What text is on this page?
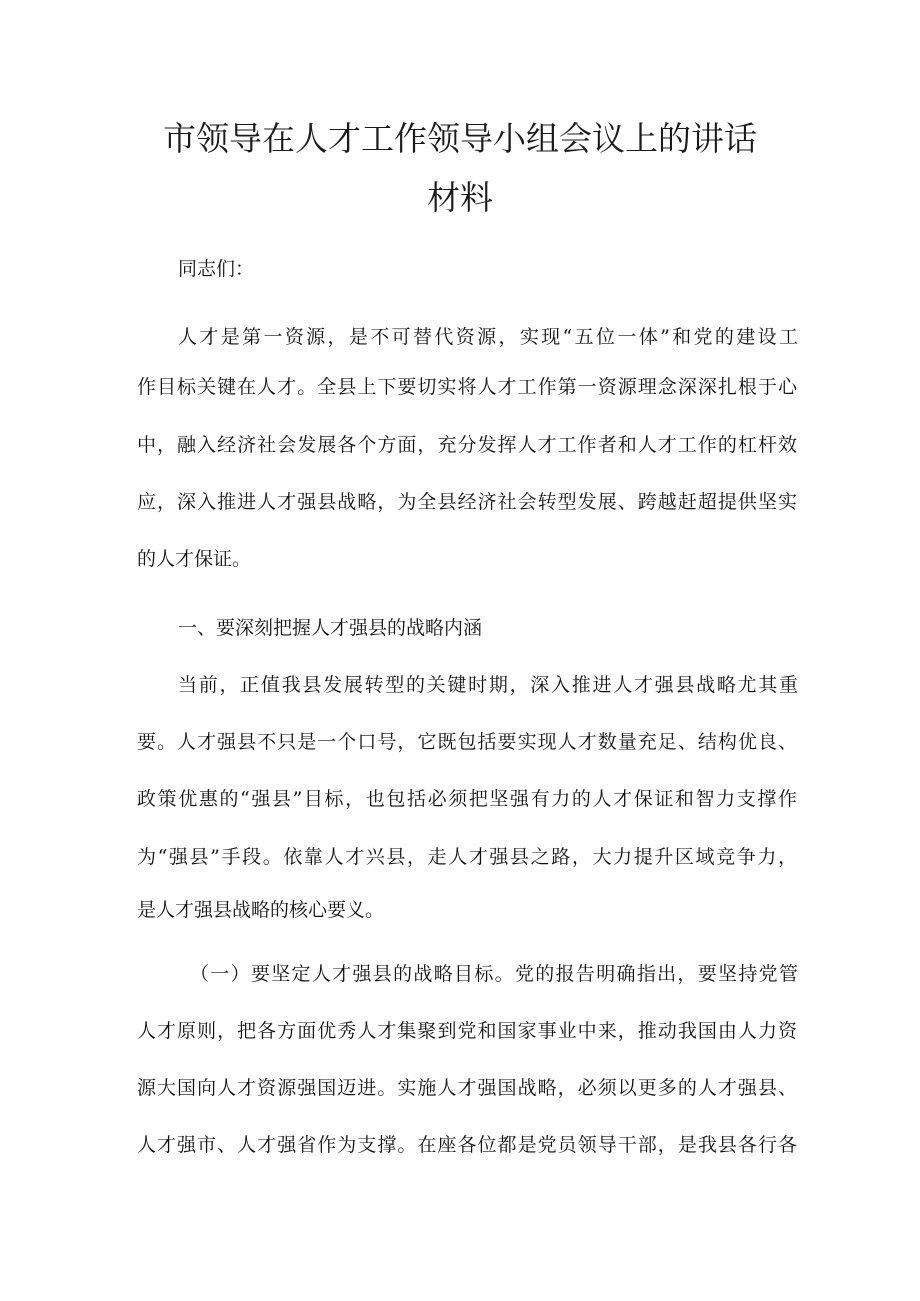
市领导在人才工作领导小组会议上的讲话
材料
同志们：
人才是第一资源，是不可替代资源，实现“五位一体”和党的建设工
作目标关键在人才。全县上下要切实将人才工作第一资源理念深深扎根于心
中，融入经济社会发展各个方面，充分发挥人才工作者和人才工作的杠杆效
应，深入推进人才强县战略，为全县经济社会转型发展、跨越赶超提供坚实
的人才保证。
一、要深刻把握人才强县的战略内涵
当前，正值我县发展转型的关键时期，深入推进人才强县战略尤其重
要。人才强县不只是一个口号，它既包括要实现人才数量充足、结构优良、
政策优惠的“强县”目标，也包括必须把坚强有力的人才保证和智力支撑作
为“强县”手段。依靠人才兴县，走人才强县之路，大力提升区域竞争力，
是人才强县战略的核心要义。
（一）要坚定人才强县的战略目标。党的报告明确指出，要坚持党管
人才原则，把各方面优秀人才集聚到党和国家事业中来，推动我国由人力资
源大国向人才资源强国迈进。实施人才强国战略，必须以更多的人才强县、
人才强市、人才强省作为支撑。在座各位都是党员领导干部，是我县各行各
